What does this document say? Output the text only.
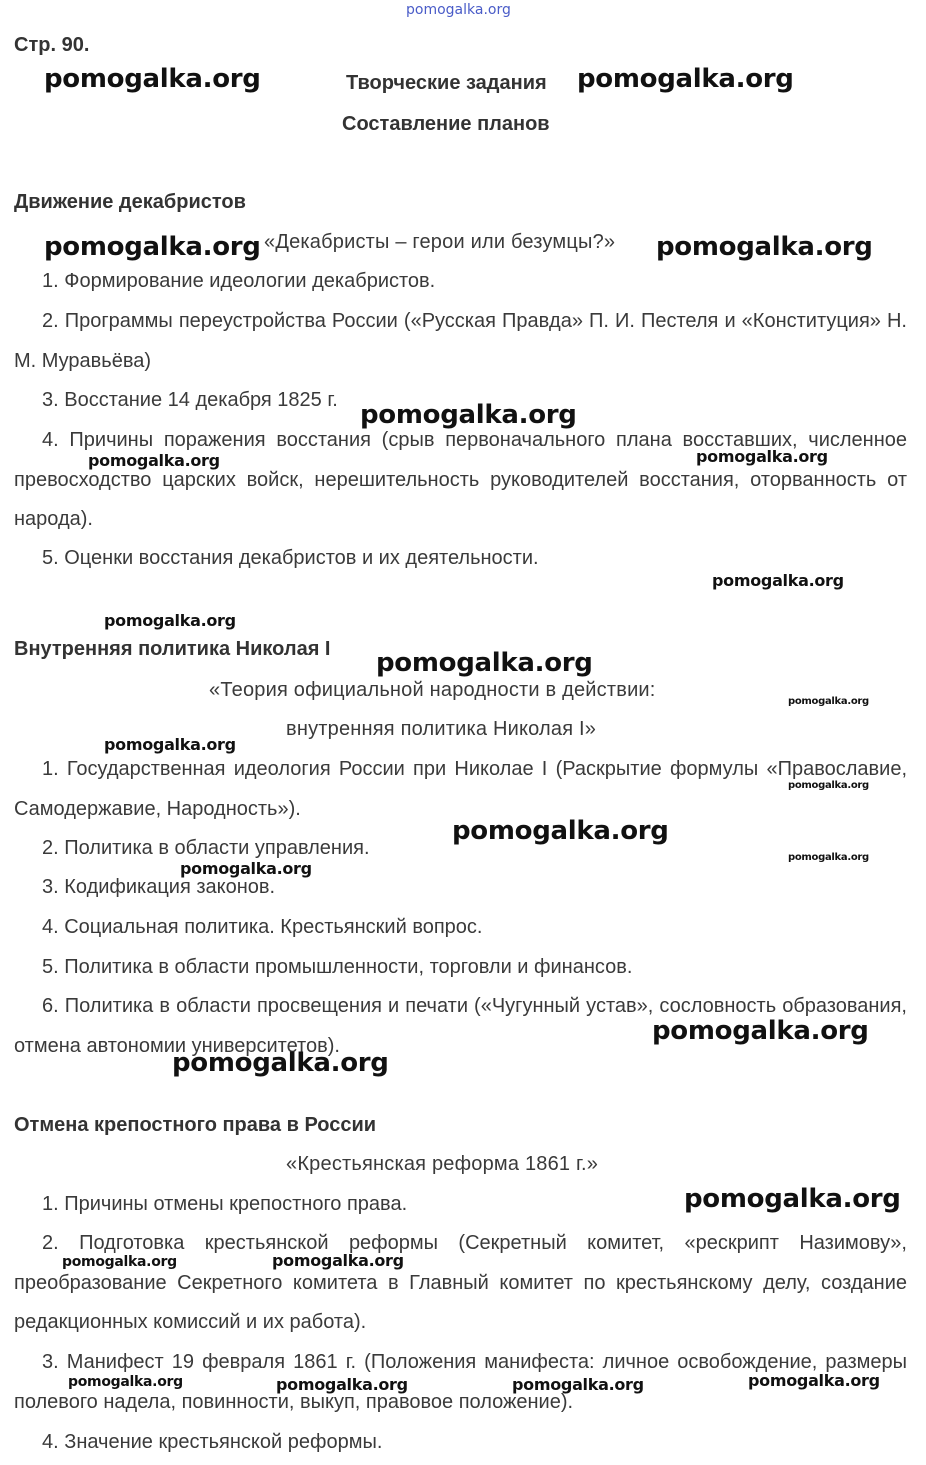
pomogalka.org
Стр. 90.
Творческие задания
Составление планов
Движение декабристов
«Декабристы – герои или безумцы?»
1. Формирование идеологии декабристов.
2. Программы переустройства России («Русская Правда» П. И. Пестеля и «Конституция» Н. М. Муравьёва)
3. Восстание 14 декабря 1825 г.
4. Причины поражения восстания (срыв первоначального плана восставших, численное превосходство царских войск, нерешительность руководителей восстания, оторванность от народа).
5. Оценки восстания декабристов и их деятельности.
Внутренняя политика Николая I
«Теория официальной народности в действии:
внутренняя политика Николая I»
1. Государственная идеология России при Николае I (Раскрытие формулы «Православие, Самодержавие, Народность»).
2. Политика в области управления.
3. Кодификация законов.
4. Социальная политика. Крестьянский вопрос.
5. Политика в области промышленности, торговли и финансов.
6. Политика в области просвещения и печати («Чугунный устав», сословность образования, отмена автономии университетов).
Отмена крепостного права в России
«Крестьянская реформа 1861 г.»
1. Причины отмены крепостного права.
2. Подготовка крестьянской реформы (Секретный комитет, «рескрипт Назимову», преобразование Секретного комитета в Главный комитет по крестьянскому делу, создание редакционных комиссий и их работа).
3. Манифест 19 февраля 1861 г. (Положения манифеста: личное освобождение, размеры полевого надела, повинности, выкуп, правовое положение).
4. Значение крестьянской реформы.
pomogalka.org	pomogalka.org
pomogalka.org	pomogalka.org
pomogalka.org
pomogalka.org	pomogalka.org
pomogalka.org
pomogalka.org
pomogalka.org
pomogalka.org
pomogalka.org
pomogalka.org
pomogalka.org
pomogalka.org
pomogalka.org
pomogalka.org
pomogalka.org
pomogalka.org
pomogalka.org	pomogalka.org
pomogalka.org	pomogalka.org	pomogalka.org	pomogalka.org
